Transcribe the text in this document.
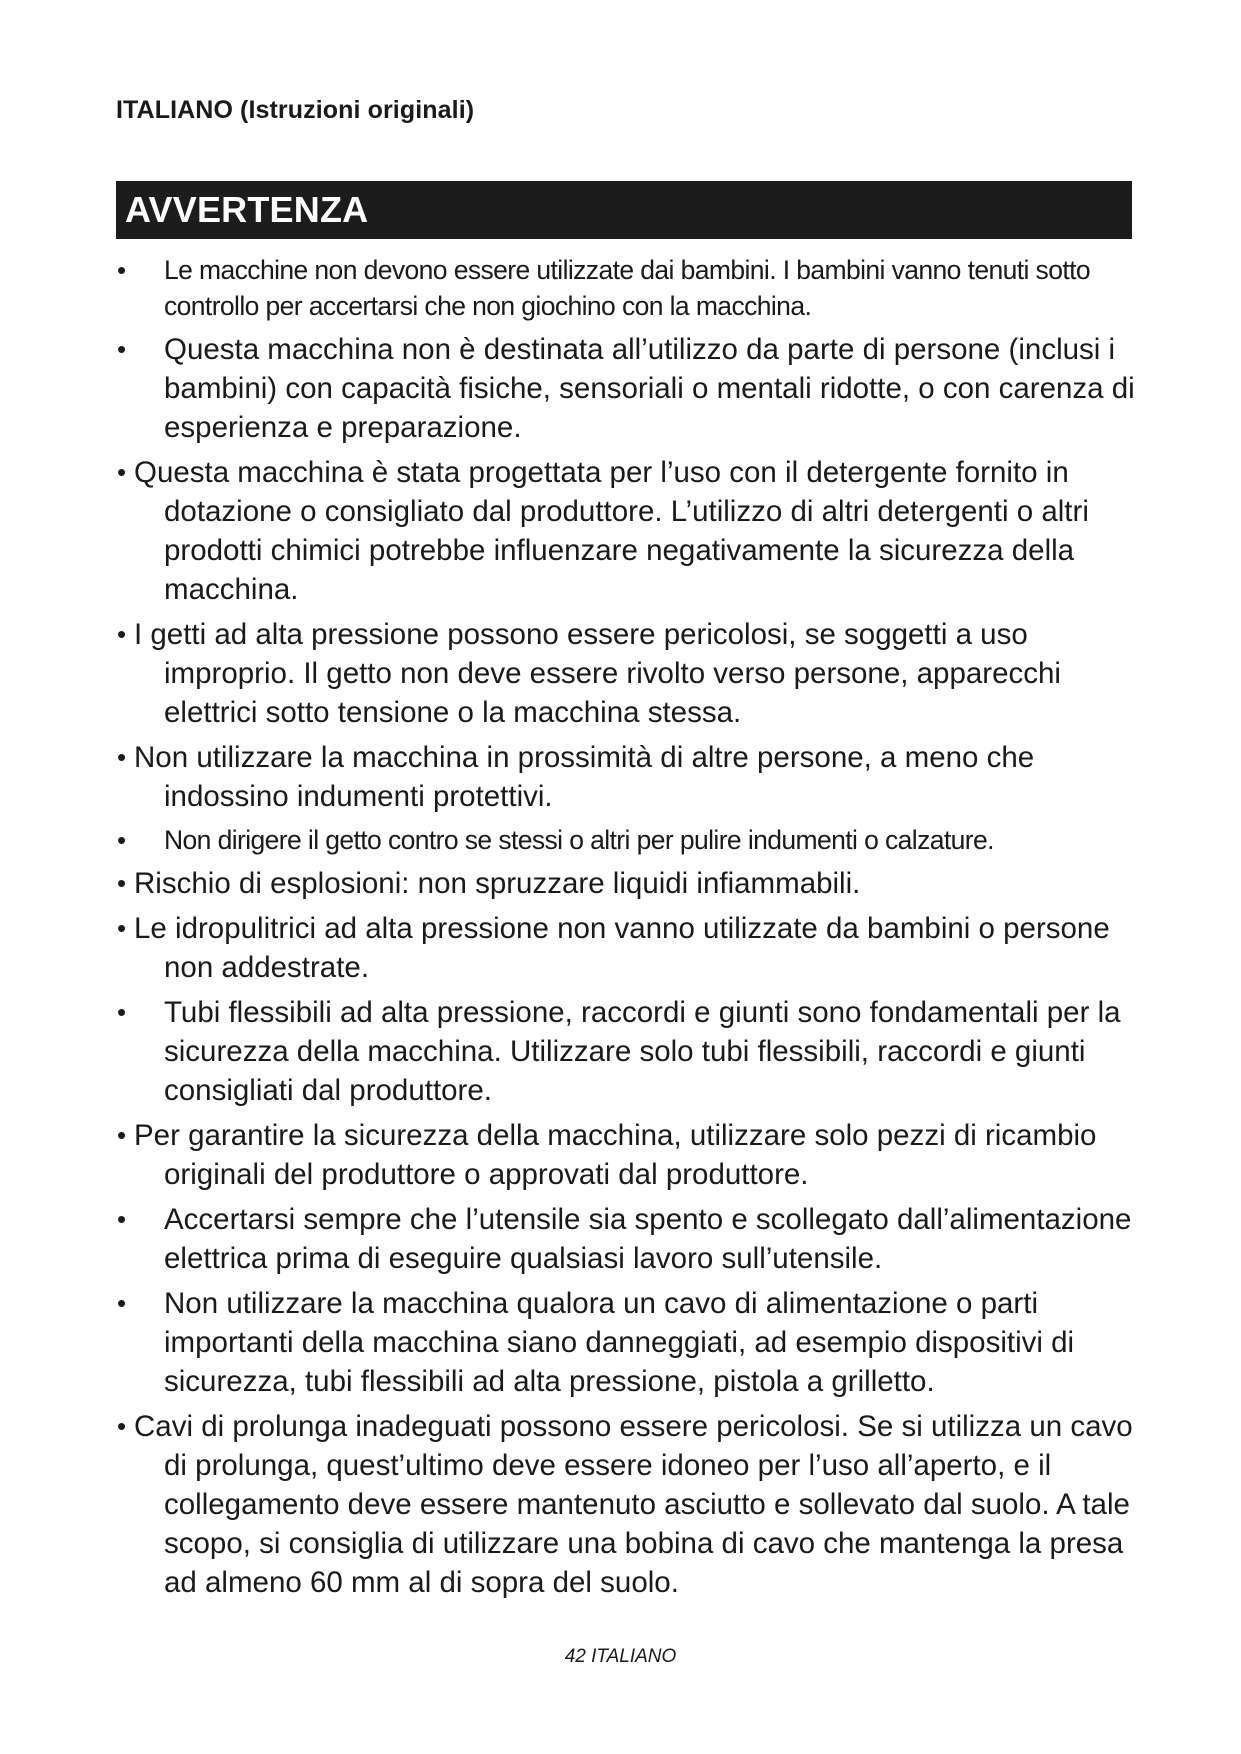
ITALIANO (Istruzioni originali)
AVVERTENZA
•	Le macchine non devono essere utilizzate dai bambini. I bambini vanno tenuti sotto controllo per accertarsi che non giochino con la macchina.
•	Questa macchina non è destinata all’utilizzo da parte di persone (inclusi i bambini) con capacità fisiche, sensoriali o mentali ridotte, o con carenza di esperienza e preparazione.
• Questa macchina è stata progettata per l’uso con il detergente fornito in dotazione o consigliato dal produttore. L’utilizzo di altri detergenti o altri prodotti chimici potrebbe influenzare negativamente la sicurezza della macchina.
• I getti ad alta pressione possono essere pericolosi, se soggetti a uso improprio. Il getto non deve essere rivolto verso persone, apparecchi elettrici sotto tensione o la macchina stessa.
• Non utilizzare la macchina in prossimità di altre persone, a meno che indossino indumenti protettivi.
•	Non dirigere il getto contro se stessi o altri per pulire indumenti o calzature.
• Rischio di esplosioni: non spruzzare liquidi infiammabili.
• Le idropulitrici ad alta pressione non vanno utilizzate da bambini o persone non addestrate.
•	Tubi flessibili ad alta pressione, raccordi e giunti sono fondamentali per la sicurezza della macchina. Utilizzare solo tubi flessibili, raccordi e giunti consigliati dal produttore.
• Per garantire la sicurezza della macchina, utilizzare solo pezzi di ricambio originali del produttore o approvati dal produttore.
•	Accertarsi sempre che l’utensile sia spento e scollegato dall’alimentazione elettrica prima di eseguire qualsiasi lavoro sull’utensile.
•	Non utilizzare la macchina qualora un cavo di alimentazione o parti importanti della macchina siano danneggiati, ad esempio dispositivi di sicurezza, tubi flessibili ad alta pressione, pistola a grilletto.
• Cavi di prolunga inadeguati possono essere pericolosi. Se si utilizza un cavo di prolunga, quest’ultimo deve essere idoneo per l’uso all’aperto, e il collegamento deve essere mantenuto asciutto e sollevato dal suolo. A tale scopo, si consiglia di utilizzare una bobina di cavo che mantenga la presa ad almeno 60 mm al di sopra del suolo.
42 ITALIANO
